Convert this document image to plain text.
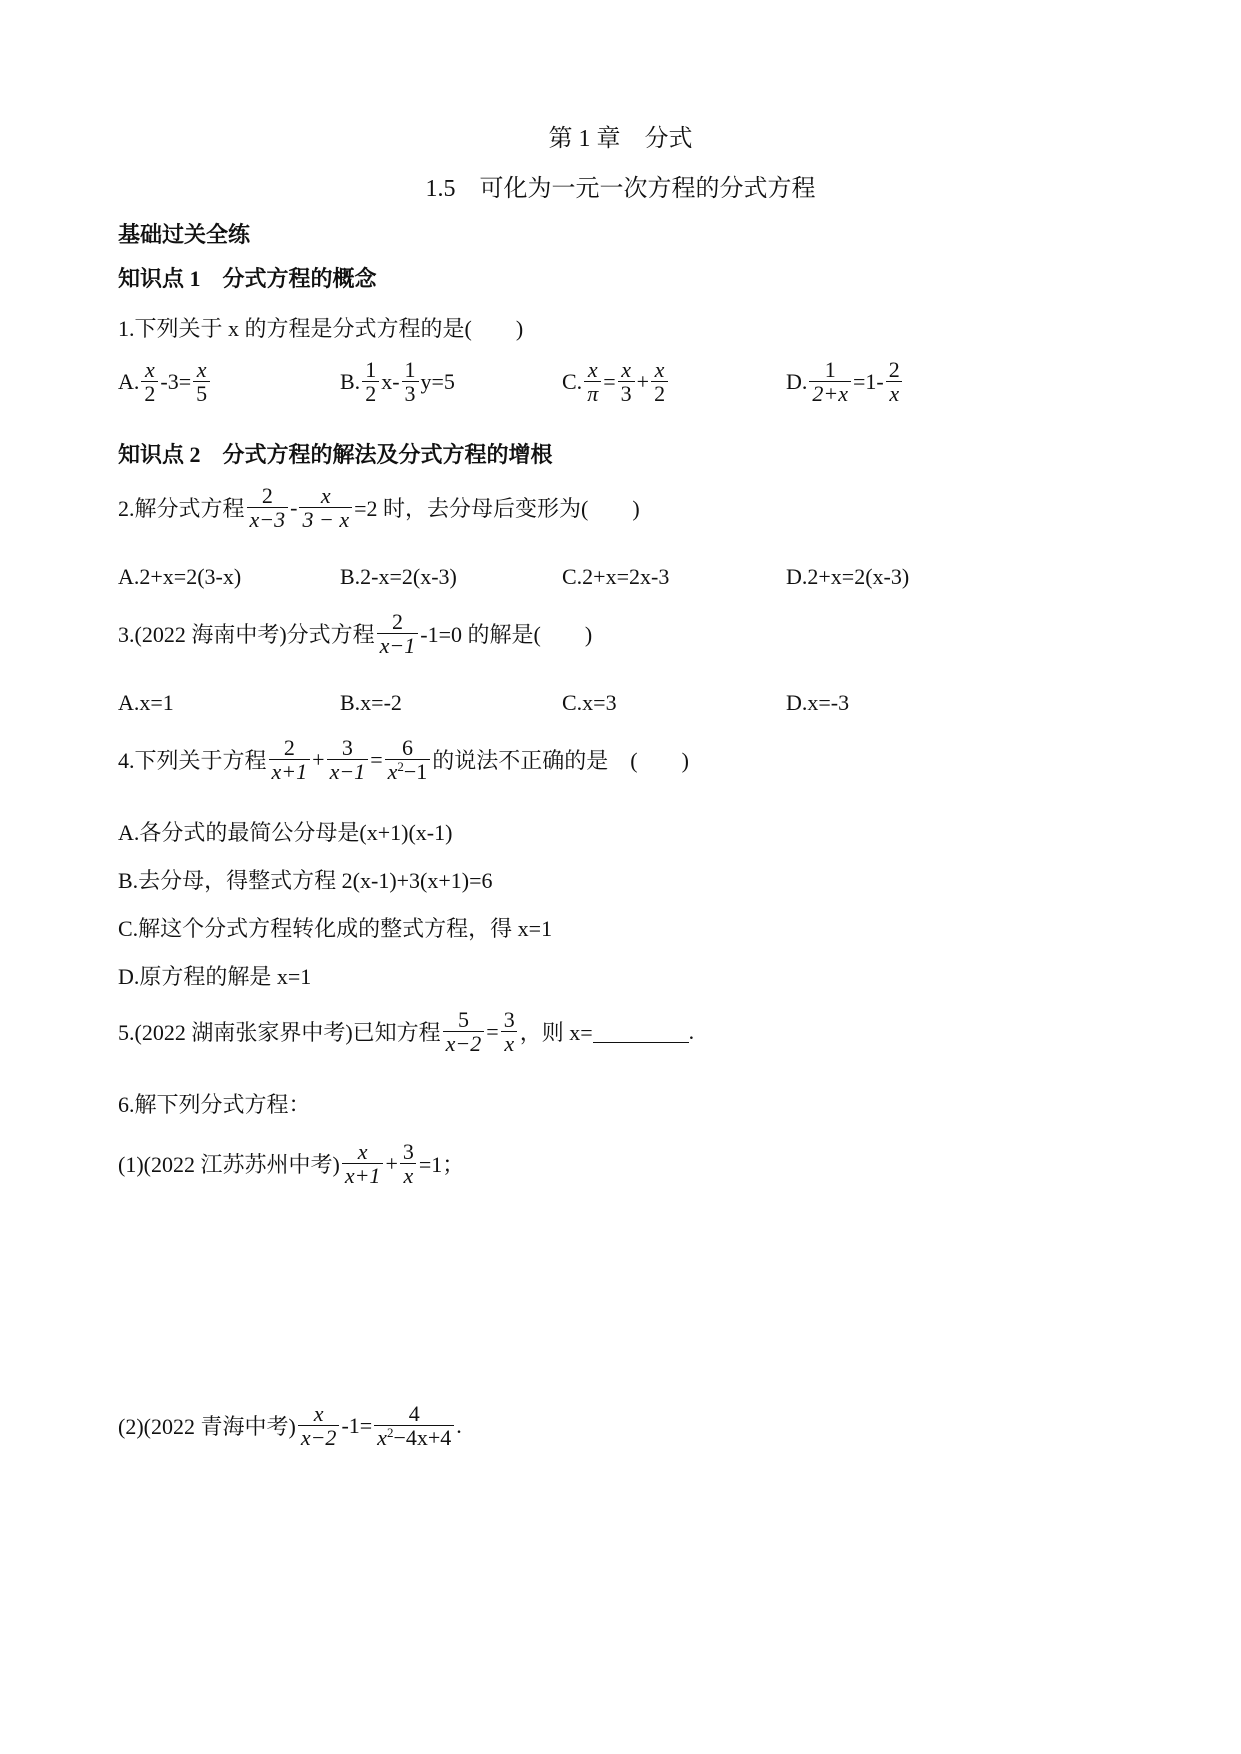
第 1 章　分式
1.5　可化为一元一次方程的分式方程
基础过关全练
知识点 1　分式方程的概念
1.下列关于 x 的方程是分式方程的是(　　)
A. $\frac{x}{2} -3= \frac{x}{5}$	B. $\frac{1}{2} x- \frac{1}{3} y=5$	C. $\frac{x}{\pi} = \frac{x}{3} + \frac{x}{2}$	D. $\frac{1}{2+x} =1- \frac{2}{x}$
知识点 2　分式方程的解法及分式方程的增根
2.解分式方程 $\frac{2}{x-3} - \frac{x}{3 - x} =2$ 时，去分母后变形为(　　)
A.2+x=2(3-x)	B.2-x=2(x-3)	C.2+x=2x-3	D.2+x=2(x-3)
3.(2022 海南中考)分式方程 $\frac{2}{x-1} -1=0$ 的解是(　　)
A.x=1	B.x=-2	C.x=3	D.x=-3
4.下列关于方程 $\frac{2}{x+1} + \frac{3}{x-1} = \frac{6}{x^2-1}$ 的说法不正确的是　(　　)
A.各分式的最简公分母是(x+1)(x-1)
B.去分母，得整式方程 2(x-1)+3(x+1)=6
C.解这个分式方程转化成的整式方程，得 x=1
D.原方程的解是 x=1
5.(2022 湖南张家界中考)已知方程 $\frac{5}{x-2} = \frac{3}{x}$ ，则 x=	.
6.解下列分式方程：
(1)(2022 江苏苏州中考) $\frac{x}{x+1} + \frac{3}{x} =1$；
(2)(2022 青海中考) $\frac{x}{x-2} -1= \frac{4}{x^2-4x+4}$ .
